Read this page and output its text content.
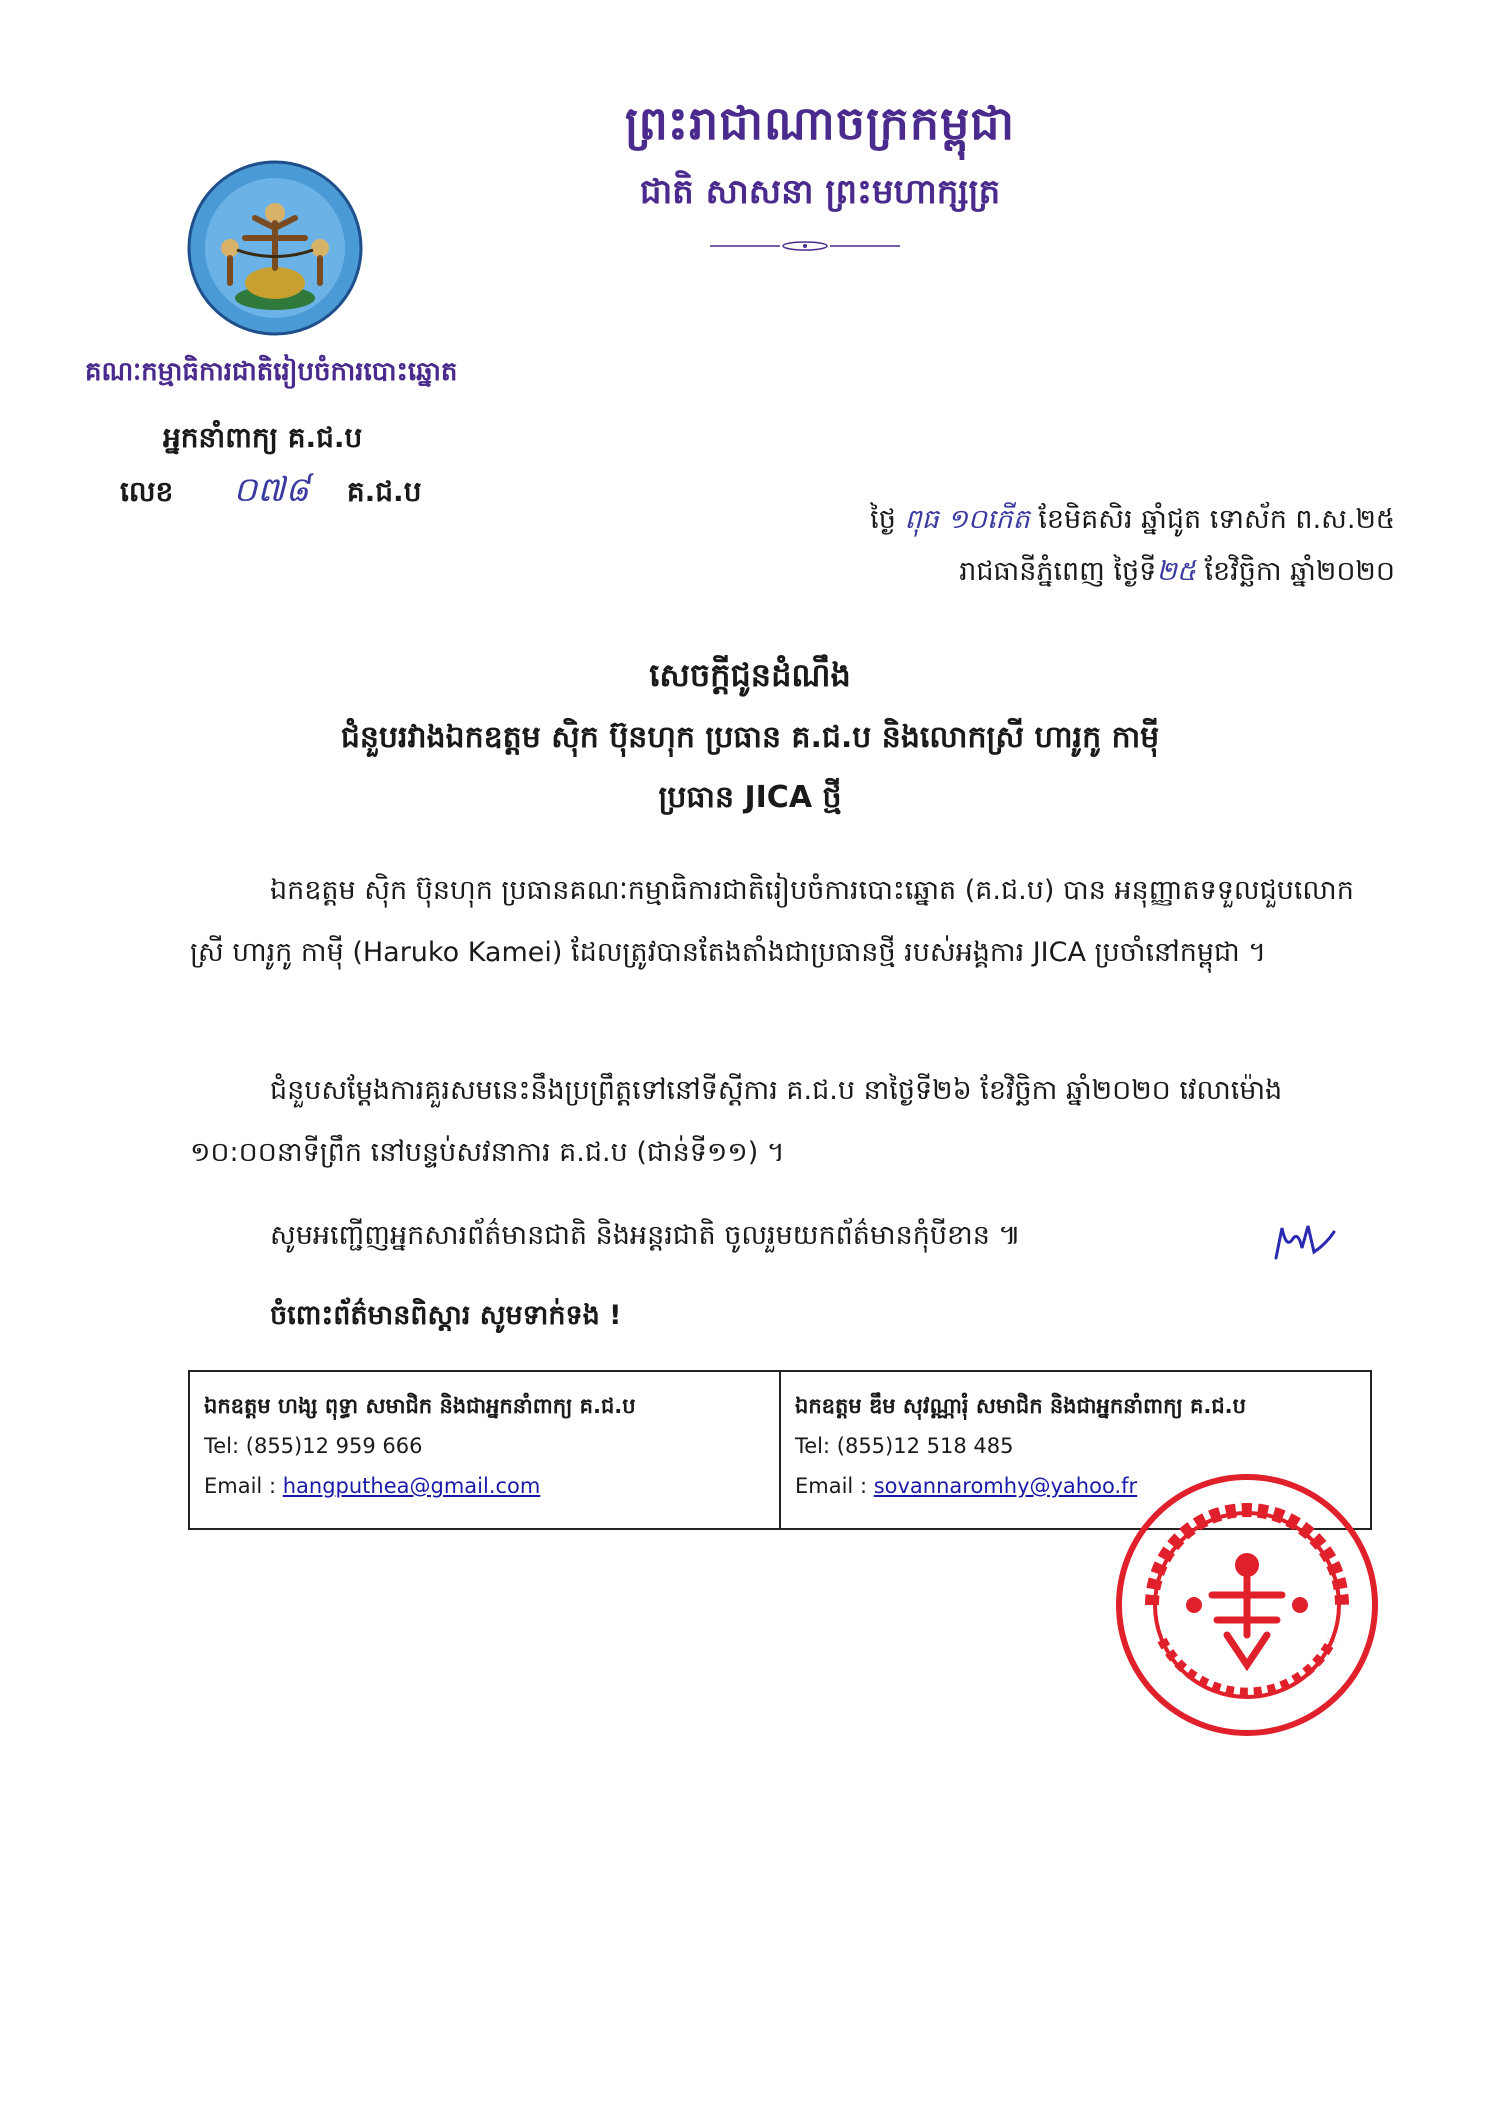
ព្រះរាជាណាចក្រកម្ពុជា
ជាតិ សាសនា ព្រះមហាក្សត្រ
គណៈកម្មាធិការជាតិរៀបចំការបោះឆ្នោត
អ្នកនាំពាក្យ គ.ជ.ប
លេខ ០៧៨ គ.ជ.ប
ថ្ងៃ ពុធ ១០កើត ខែមិគសិរ ឆ្នាំជូត ទោស័ក ព.ស.២៥
រាជធានីភ្នំពេញ ថ្ងៃទី២៥ ខែវិច្ឆិកា ឆ្នាំ២០២០
សេចក្តីជូនដំណឹង
ជំនួបរវាងឯកឧត្តម ស៊ិក ប៊ុនហុក ប្រធាន គ.ជ.ប និងលោកស្រី ហារូកូ កាម៉ី
ប្រធាន JICA ថ្មី
ឯកឧត្តម ស៊ិក ប៊ុនហុក ប្រធានគណៈកម្មាធិការជាតិរៀបចំការបោះឆ្នោត (គ.ជ.ប) បាន អនុញ្ញាតទទួលជួបលោកស្រី ហារូកូ កាម៉ី (Haruko Kamei) ដែលត្រូវបានតែងតាំងជាប្រធានថ្មី របស់អង្គការ JICA ប្រចាំនៅកម្ពុជា ។
ជំនួបសម្តែងការគួរសមនេះនឹងប្រព្រឹត្តទៅនៅទីស្តីការ គ.ជ.ប នាថ្ងៃទី២៦ ខែវិច្ឆិកា ឆ្នាំ២០២០ វេលាម៉ោង ១០:០០នាទីព្រឹក នៅបន្ទប់សវនាការ គ.ជ.ប (ជាន់ទី១១) ។
សូមអញ្ជើញអ្នកសារព័ត៌មានជាតិ និងអន្តរជាតិ ចូលរួមយកព័ត៌មានកុំបីខាន ៕
ចំពោះព័ត៌មានពិស្តារ សូមទាក់ទង !
ឯកឧត្តម ហង្ស ពុទ្ធា សមាជិក និងជាអ្នកនាំពាក្យ គ.ជ.ប
Tel: (855)12 959 666
Email : hangputhea@gmail.com
ឯកឧត្តម ឌឹម សុវណ្ណារុំ សមាជិក និងជាអ្នកនាំពាក្យ គ.ជ.ប
Tel: (855)12 518 485
Email : sovannaromhy@yahoo.fr
